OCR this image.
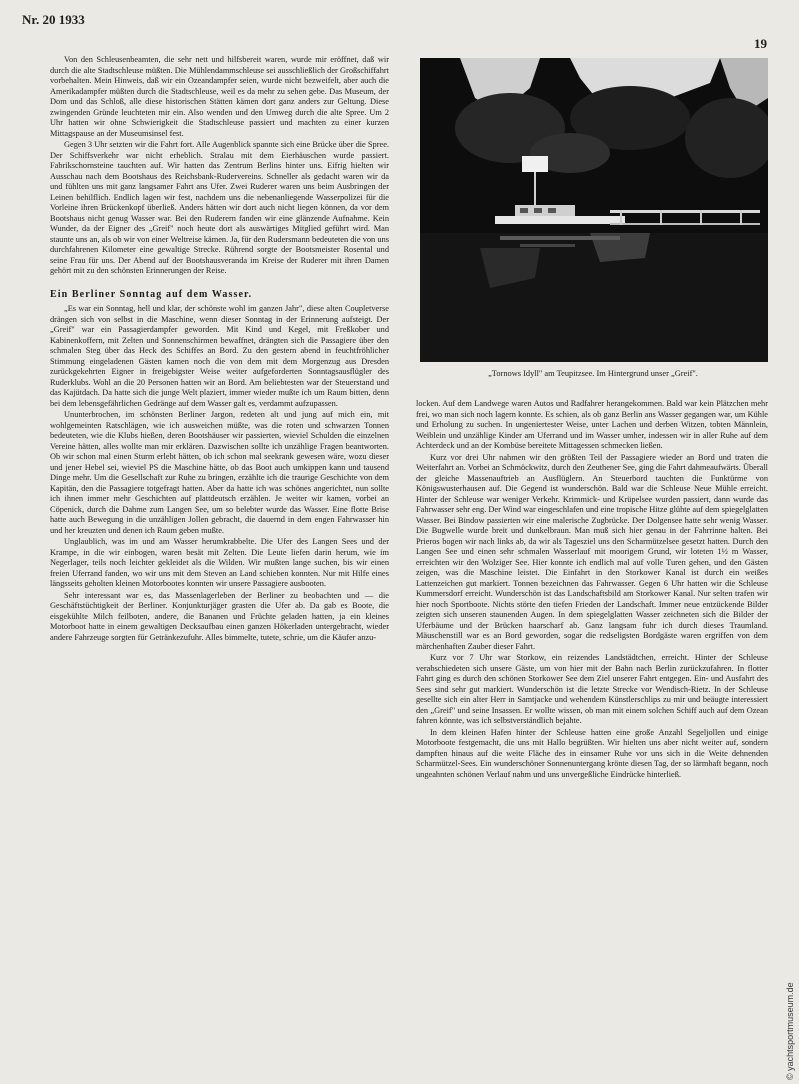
Nr. 20 1933
19

Von den Schleusenbeamten, die sehr nett und hilfsbereit waren, wurde mir eröffnet, daß wir durch die alte Stadtschleuse müßten. Die Mühlendammschleuse sei ausschließlich der Großschiffahrt vorbehalten. Mein Hinweis, daß wir ein Ozeandampfer seien, wurde nicht bezweifelt, aber auch die Amerikadampfer müßten durch die Stadtschleuse, weil es da mehr zu sehen gebe. Das Museum, der Dom und das Schloß, alle diese historischen Stätten kämen dort ganz anders zur Geltung. Diese zwingenden Gründe leuchteten mir ein. Also wenden und den Umweg durch die alte Spree. Um 2 Uhr hatten wir ohne Schwierigkeit die Stadtschleuse passiert und machten zu einer kurzen Mittagspause an der Museumsinsel fest.

Gegen 3 Uhr setzten wir die Fahrt fort. Alle Augenblick spannte sich eine Brücke über die Spree. Der Schiffsverkehr war nicht erheblich. Stralau mit dem Eierhäuschen wurde passiert. Fabrikschornsteine tauchten auf. Wir hatten das Zentrum Berlins hinter uns. Eifrig hielten wir Ausschau nach dem Bootshaus des Reichsbank-Rudervereins. Schneller als gedacht waren wir da und fühlten uns mit ganz langsamer Fahrt ans Ufer. Zwei Ruderer waren uns beim Ausbringen der Leinen behilflich. Endlich lagen wir fest, nachdem uns die nebenanliegende Wasserpolizei für die Vorleine ihren Brückenkopf überließ. Anders hätten wir dort auch nicht liegen können, da vor dem Bootshaus nicht genug Wasser war. Bei den Ruderern fanden wir eine glänzende Aufnahme. Kein Wunder, da der Eigner des „Greif" noch heute dort als auswärtiges Mitglied geführt wird. Man staunte uns an, als ob wir von einer Weltreise kämen. Ja, für den Rudersmann bedeuteten die von uns durchfahrenen Kilometer eine gewaltige Strecke. Rührend sorgte der Bootsmeister Rosental und seine Frau für uns. Der Abend auf der Bootshausveranda im Kreise der Ruderer mit ihren Damen gehört mit zu den schönsten Erinnerungen der Reise.

Ein Berliner Sonntag auf dem Wasser.

„Es war ein Sonntag, hell und klar, der schönste wohl im ganzen Jahr", diese alten Coupletverse drängen sich von selbst in die Maschine, wenn dieser Sonntag in der Erinnerung aufsteigt. Der „Greif" war ein Passagierdampfer geworden. Mit Kind und Kegel, mit Freßkober und Kabinenkoffern, mit Zelten und Sonnenschirmen bewaffnet, drängten sich die Passagiere über den schmalen Steg über das Heck des Schiffes an Bord. Zu den gestern abend in feuchtfröhlicher Stimmung eingeladenen Gästen kamen noch die von dem mit dem Morgenzug aus Dresden zurückgekehrten Eigner in freigebigster Weise weiter aufgeforderten Sonntagsausflügler des Ruderklubs. Wohl an die 20 Personen hatten wir an Bord. Am beliebtesten war der Steuerstand und das Kajütdach. Da hatte sich die junge Welt plaziert, immer wieder mußte ich um Raum bitten, denn bei dem lebensgefährlichen Gedränge auf dem Wasser galt es, verdammt aufzupassen.

Ununterbrochen, im schönsten Berliner Jargon, redeten alt und jung auf mich ein, mit wohlgemeinten Ratschlägen, wie ich ausweichen müßte, was die roten und schwarzen Tonnen bedeuteten, wie die Klubs hießen, deren Bootshäuser wir passierten, wieviel Schulden die einzelnen Vereine hätten, alles wollte man mir erklären. Dazwischen sollte ich unzählige Fragen beantworten. Ob wir schon mal einen Sturm erlebt hätten, ob ich schon mal seekrank gewesen wäre, wozu dieser und jener Hebel sei, wieviel PS die Maschine hätte, ob das Boot auch umkippen kann und tausend Dinge mehr. Um die Gesellschaft zur Ruhe zu bringen, erzählte ich die traurige Geschichte von dem Kapitän, den die Passagiere totgefragt hatten. Aber da hatte ich was schönes angerichtet, nun sollte ich ihnen immer mehr Geschichten auf plattdeutsch erzählen. Je weiter wir kamen, vorbei an Cöpenick, durch die Dahme zum Langen See, um so belebter wurde das Wasser. Eine flotte Brise hatte auch Bewegung in die unzähligen Jollen gebracht, die dauernd in dem engen Fahrwasser hin und her kreuzten und denen ich Raum geben mußte.

Unglaublich, was im und am Wasser herumkrabbelte. Die Ufer des Langen Sees und der Krampe, in die wir einbogen, waren besät mit Zelten. Die Leute liefen darin herum, wie im Negerlager, teils noch leichter gekleidet als die Wilden. Wir mußten lange suchen, bis wir einen freien Uferrand fanden, wo wir uns mit dem Steven an Land schieben konnten. Nur mit Hilfe eines längsseits geholten kleinen Motorbootes konnten wir unsere Passagiere ausbooten.

Sehr interessant war es, das Massenlagerleben der Berliner zu beobachten und — die Geschäftstüchtigkeit der Berliner. Konjunkturjäger grasten die Ufer ab. Da gab es Boote, die eisgekühlte Milch feilboten, andere, die Bananen und Früchte geladen hatten, ja ein kleines Motorboot hatte in einem gewaltigen Decksaufbau einen ganzen Hökerladen untergebracht, wieder andere Fahrzeuge sorgten für Getränkezufuhr. Alles bimmelte, tutete, schrie, um die Käufer anzu-

„Tornows Idyll" am Teupitzsee. Im Hintergrund unser „Greif".

locken. Auf dem Landwege waren Autos und Radfahrer herangekommen. Bald war kein Plätzchen mehr frei, wo man sich noch lagern konnte. Es schien, als ob ganz Berlin ans Wasser gegangen war, um Kühle und Erholung zu suchen. In ungeniertester Weise, unter Lachen und derben Witzen, tobten Männlein, Weiblein und unzählige Kinder am Uferrand und im Wasser umher, indessen wir in aller Ruhe auf dem Achterdeck und an der Kombüse bereitete Mittagessen schmecken ließen.

Kurz vor drei Uhr nahmen wir den größten Teil der Passagiere wieder an Bord und traten die Weiterfahrt an. Vorbei an Schmöckwitz, durch den Zeuthener See, ging die Fahrt dahmeaufwärts. Überall der gleiche Massenauftrieb an Ausflüglern. An Steuerbord tauchten die Funktürme von Königswusterhausen auf. Die Gegend ist wunderschön. Bald war die Schleuse Neue Mühle erreicht. Hinter der Schleuse war weniger Verkehr. Krimmick- und Krüpelsee wurden passiert, dann wurde das Fahrwasser sehr eng. Der Wind war eingeschlafen und eine tropische Hitze glühte auf dem spiegelglatten Wasser. Bei Bindow passierten wir eine malerische Zugbrücke. Der Dolgensee hatte sehr wenig Wasser. Die Bugwelle wurde breit und dunkelbraun. Man muß sich hier genau in der Fahrrinne halten. Bei Prieros bogen wir nach links ab, da wir als Tagesziel uns den Scharmützelsee gesetzt hatten. Durch den Langen See und einen sehr schmalen Wasserlauf mit moorigem Grund, wir loteten 1½ m Wasser, erreichten wir den Wolziger See. Hier konnte ich endlich mal auf volle Turen gehen, und den Gästen zeigen, was die Maschine leistet. Die Einfahrt in den Storkower Kanal ist durch ein weißes Lattenzeichen gut markiert. Tonnen bezeichnen das Fahrwasser. Gegen 6 Uhr hatten wir die Schleuse Kummersdorf erreicht. Wunderschön ist das Landschaftsbild am Storkower Kanal. Nur selten trafen wir hier noch Sportboote. Nichts störte den tiefen Frieden der Landschaft. Immer neue entzückende Bilder zeigten sich unseren staunenden Augen. In dem spiegelglatten Wasser zeichneten sich die Bilder der Uferbäume und der Brücken haarscharf ab. Ganz langsam fuhr ich durch dieses Traumland. Mäuschenstill war es an Bord geworden, sogar die redseligsten Bordgäste waren ergriffen von dem märchenhaften Zauber dieser Fahrt.

Kurz vor 7 Uhr war Storkow, ein reizendes Landstädtchen, erreicht. Hinter der Schleuse verabschiedeten sich unsere Gäste, um von hier mit der Bahn nach Berlin zurückzufahren. In flotter Fahrt ging es durch den schönen Storkower See dem Ziel unserer Fahrt entgegen. Ein- und Ausfahrt des Sees sind sehr gut markiert. Wunderschön ist die letzte Strecke vor Wendisch-Rietz. In der Schleuse gesellte sich ein alter Herr in Samtjacke und wehendem Künstlerschlips zu mir und beäugte interessiert den „Greif" und seine Insassen. Er wollte wissen, ob man mit einem solchen Schiff auch auf dem Ozean fahren könnte, was ich selbstverständlich bejahte.

In dem kleinen Hafen hinter der Schleuse hatten eine große Anzahl Segeljollen und einige Motorboote festgemacht, die uns mit Hallo begrüßten. Wir hielten uns aber nicht weiter auf, sondern dampften hinaus auf die weite Fläche des in einsamer Ruhe vor uns sich in die Weite dehnenden Scharmützel-Sees. Ein wunderschöner Sonnenuntergang krönte diesen Tag, der so lärmhaft begann, noch ungeahnten schönen Verlauf nahm und uns unvergeßliche Eindrücke hinterließ.

© yachtsportmuseum.de
